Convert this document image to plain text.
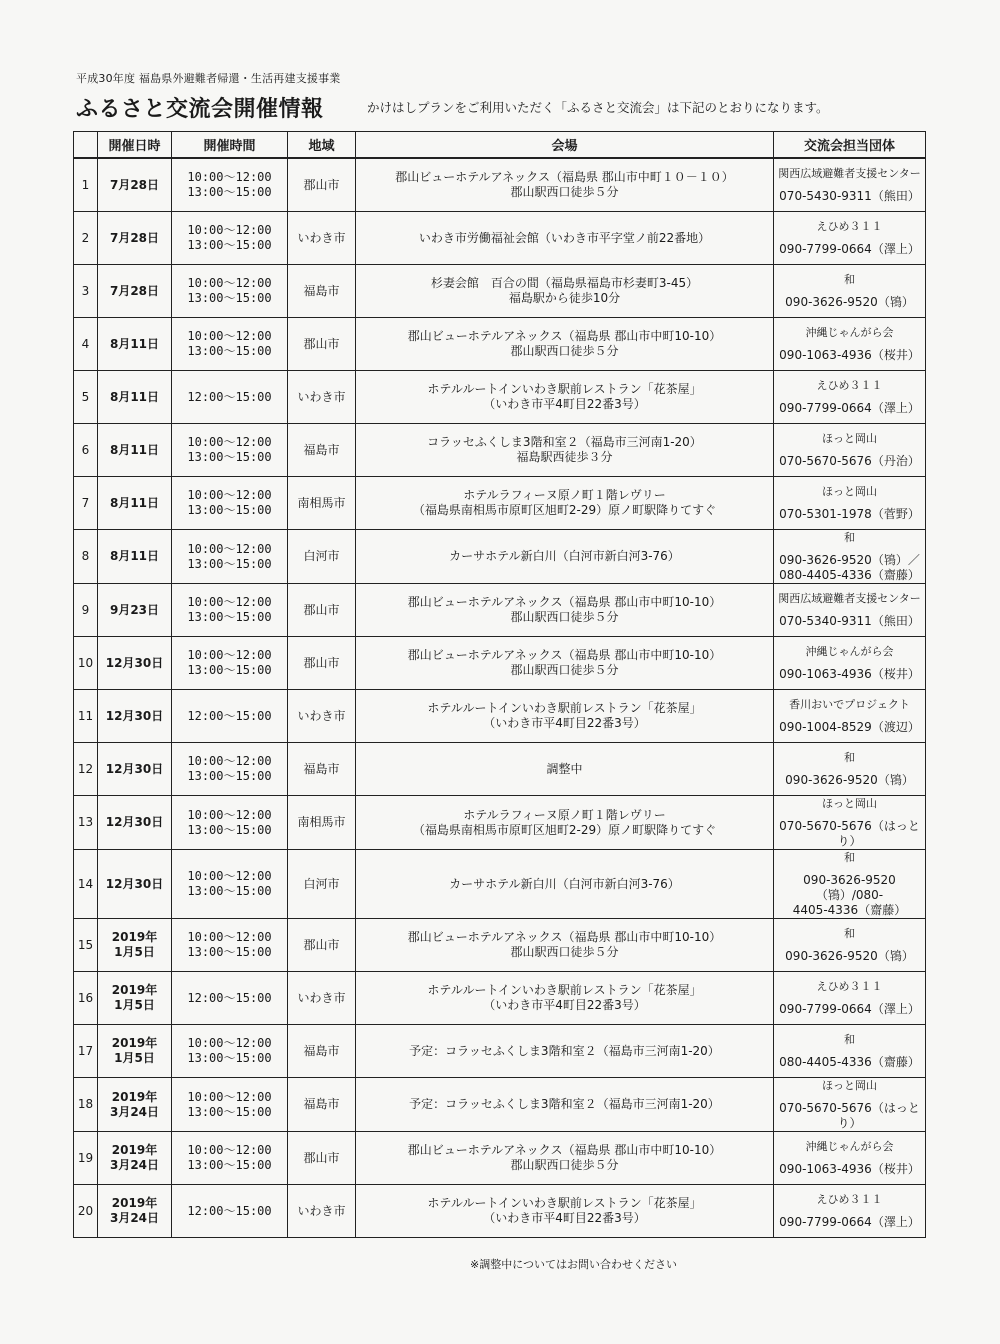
平成30年度 福島県外避難者帰還・生活再建支援事業
ふるさと交流会開催情報	かけはしプランをご利用いただく「ふるさと交流会」は下記のとおりになります。
	開催日時	開催時間	地域	会場	交流会担当団体
1	7月28日	10:00～12:00
13:00～15:00	郡山市	郡山ビューホテルアネックス（福島県 郡山市中町１０－１０）
郡山駅西口徒歩５分	関西広域避難者支援センター
070-5430-9311（熊田）

2	7月28日	10:00～12:00
13:00～15:00	いわき市	いわき市労働福祉会館（いわき市平字堂ノ前22番地）	えひめ３１１
090-7799-0664（澤上）

3	7月28日	10:00～12:00
13:00～15:00	福島市	杉妻会館　百合の間（福島県福島市杉妻町3-45）
福島駅から徒歩10分	和
090-3626-9520（鴇）

4	8月11日	10:00～12:00
13:00～15:00	郡山市	郡山ビューホテルアネックス（福島県 郡山市中町10-10）
郡山駅西口徒歩５分	沖縄じゃんがら会
090-1063-4936（桜井）

5	8月11日	12:00～15:00	いわき市	ホテルルートインいわき駅前レストラン「花茶屋」
（いわき市平4町目22番3号）	えひめ３１１
090-7799-0664（澤上）

6	8月11日	10:00～12:00
13:00～15:00	福島市	コラッセふくしま3階和室２（福島市三河南1-20）
福島駅西徒歩３分	ほっと岡山
070-5670-5676（丹治）

7	8月11日	10:00～12:00
13:00～15:00	南相馬市	ホテルラフィーヌ原ノ町１階レヴリー
（福島県南相馬市原町区旭町2-29）原ノ町駅降りてすぐ	ほっと岡山
070-5301-1978（菅野）

8	8月11日	10:00～12:00
13:00～15:00	白河市	カーサホテル新白川（白河市新白河3-76）	和
090-3626-9520（鴇）／
080-4405-4336（齋藤）

9	9月23日	10:00～12:00
13:00～15:00	郡山市	郡山ビューホテルアネックス（福島県 郡山市中町10-10）
郡山駅西口徒歩５分	関西広域避難者支援センター
070-5340-9311（熊田）

10	12月30日	10:00～12:00
13:00～15:00	郡山市	郡山ビューホテルアネックス（福島県 郡山市中町10-10）
郡山駅西口徒歩５分	沖縄じゃんがら会
090-1063-4936（桜井）

11	12月30日	12:00～15:00	いわき市	ホテルルートインいわき駅前レストラン「花茶屋」
（いわき市平4町目22番3号）	香川おいでプロジェクト
090-1004-8529（渡辺）

12	12月30日	10:00～12:00
13:00～15:00	福島市	調整中	和
090-3626-9520（鴇）

13	12月30日	10:00～12:00
13:00～15:00	南相馬市	ホテルラフィーヌ原ノ町１階レヴリー
（福島県南相馬市原町区旭町2-29）原ノ町駅降りてすぐ	ほっと岡山
070-5670-5676（はっとり）

14	12月30日	10:00～12:00
13:00～15:00	白河市	カーサホテル新白川（白河市新白河3-76）	和
090-3626-9520（鴇）/080-
4405-4336（齋藤）

15	2019年
1月5日	10:00～12:00
13:00～15:00	郡山市	郡山ビューホテルアネックス（福島県 郡山市中町10-10）
郡山駅西口徒歩５分	和
090-3626-9520（鴇）

16	2019年
1月5日	12:00～15:00	いわき市	ホテルルートインいわき駅前レストラン「花茶屋」
（いわき市平4町目22番3号）	えひめ３１１
090-7799-0664（澤上）

17	2019年
1月5日	10:00～12:00
13:00～15:00	福島市	予定：コラッセふくしま3階和室２（福島市三河南1-20）	和
080-4405-4336（齋藤）

18	2019年
3月24日	10:00～12:00
13:00～15:00	福島市	予定：コラッセふくしま3階和室２（福島市三河南1-20）	ほっと岡山
070-5670-5676（はっとり）

19	2019年
3月24日	10:00～12:00
13:00～15:00	郡山市	郡山ビューホテルアネックス（福島県 郡山市中町10-10）
郡山駅西口徒歩５分	沖縄じゃんがら会
090-1063-4936（桜井）

20	2019年
3月24日	12:00～15:00	いわき市	ホテルルートインいわき駅前レストラン「花茶屋」
（いわき市平4町目22番3号）	えひめ３１１
090-7799-0664（澤上）
※調整中についてはお問い合わせください
